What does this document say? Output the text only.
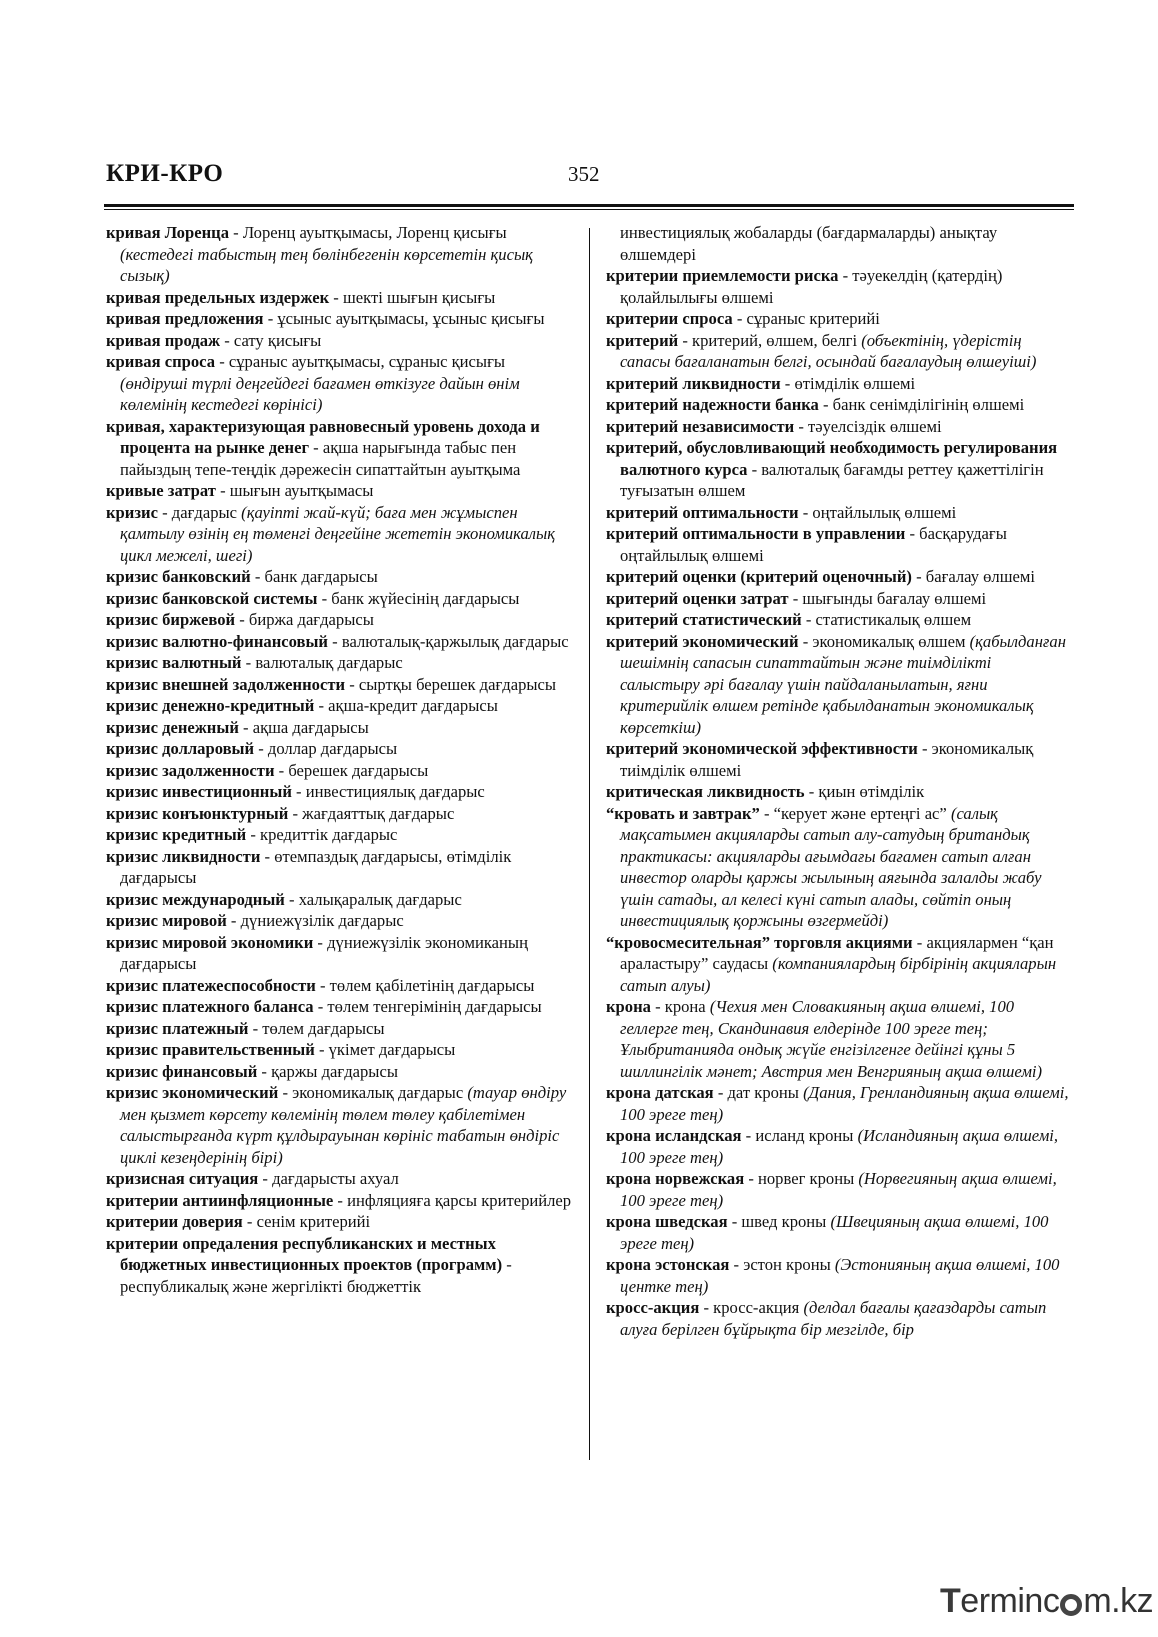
КРИ-КРО	352

кривая Лоренца - Лоренц ауытқымасы, Лоренц қисығы (кестедегі табыстың тең бөлінбегенін көрсететін қисық сызық)

кривая предельных издержек - шекті шығын қисығы

кривая предложения - ұсыныс ауытқымасы, ұсыныс қисығы

кривая продаж - сату қисығы

кривая спроса - сұраныс ауытқымасы, сұраныс қисығы (өндіруші түрлі деңгейдегі бағамен өткізуге дайын өнім көлемінің кестедегі көрінісі)

кривая, характеризующая равновесный уровень дохода и процента на рынке денег - ақша нарығында табыс пен пайыздың тепе-теңдік дәрежесін сипаттайтын ауытқыма

кривые затрат - шығын ауытқымасы

кризис - дағдарыс (қауіпті жай-күй; баға мен жұмыспен қамтылу өзінің ең төменгі деңгейіне жететін экономикалық цикл межелі, шегі)

кризис банковский - банк дағдарысы

кризис банковской системы - банк жүйесінің дағдарысы

кризис биржевой - биржа дағдарысы

кризис валютно-финансовый - валюталық-қаржылық дағдарыс

кризис валютный - валюталық дағдарыс

кризис внешней задолженности - сыртқы берешек дағдарысы

кризис денежно-кредитный - ақша-кредит дағдарысы

кризис денежный - ақша дағдарысы

кризис долларовый - доллар дағдарысы

кризис задолженности - берешек дағдарысы

кризис инвестиционный - инвестициялық дағдарыс

кризис конъюнктурный - жағдаяттық дағдарыс

кризис кредитный - кредиттік дағдарыс

кризис ликвидности - өтемпаздық дағдарысы, өтімділік дағдарысы

кризис международный - халықаралық дағдарыс

кризис мировой - дүниежүзілік дағдарыс

кризис мировой экономики - дүниежүзілік экономиканың дағдарысы

кризис платежеспособности - төлем қабілетінің дағдарысы

кризис платежного баланса - төлем тенгерімінің дағдарысы

кризис платежный - төлем дағдарысы

кризис правительственный - үкімет дағдарысы

кризис финансовый - қаржы дағдарысы

кризис экономический - экономикалық дағдарыс (тауар өндіру мен қызмет көрсету көлемінің төлем төлеу қабілетімен салыстырғанда күрт құлдырауынан көрініс табатын өндіріс циклі кезеңдерінің бірі)

кризисная ситуация - дағдарысты ахуал

критерии антиинфляционные - инфляцияға қарсы критерийлер

критерии доверия - сенім критерийі

критерии опредаления республиканских и местных бюджетных инвестиционных проектов (программ) - республикалық және жергілікті бюджеттік

инвестициялық жобаларды (бағдармаларды) анықтау өлшемдері

критерии приемлемости риска - тәуекелдің (қатердің) қолайлылығы өлшемі

критерии спроса - сұраныс критерийі

критерий - критерий, өлшем, белгі (объектінің, үдерістің сапасы бағаланатын белгі, осындай бағалаудың өлшеуіші)

критерий ликвидности - өтімділік өлшемі

критерий надежности банка - банк сенімділігінің өлшемі

критерий независимости - тәуелсіздік өлшемі

критерий, обусловливающий необходимость регулирования валютного курса - валюталық бағамды реттеу қажеттілігін туғызатын өлшем

критерий оптимальности - оңтайлылық өлшемі

критерий оптимальности в управлении - басқарудағы оңтайлылық өлшемі

критерий оценки (критерий оценочный) - бағалау өлшемі

критерий оценки затрат - шығынды бағалау өлшемі

критерий статистический - статистикалық өлшем

критерий экономический - экономикалық өлшем (қабылданған шешімнің сапасын сипаттайтын және тиімділікті салыстыру әрі бағалау үшін пайдаланылатын, яғни критерийлік өлшем ретінде қабылданатын экономикалық көрсеткіш)

критерий экономической эффективности - экономикалық тиімділік өлшемі

критическая ликвидность - қиын өтімділік

“кровать и завтрак” - “керует және ертеңгі ас” (салық мақсатымен акцияларды сатып алу-сатудың британдық практикасы: акцияларды ағымдағы бағамен сатып алған инвестор оларды қаржы жылының аяғында залалды жабу үшін сатады, ал келесі күні сатып алады, сөйтіп оның инвестициялық қоржыны өзгермейді)

“кровосмесительная” торговля акциями - акциялармен “қан араластыру” саудасы (компаниялардың бірбірінің акцияларын сатып алуы)

крона - крона (Чехия мен Словакияның ақша өлшемі, 100 геллерге тең, Скандинавия елдерінде 100 эреге тең; Ұлыбританияда ондық жүйе енгізілгенге дейінгі құны 5 шиллингілік мәнет; Австрия мен Венгрияның ақша өлшемі)

крона датская - дат кроны (Дания, Гренландияның ақша өлшемі, 100 эреге тең)

крона исландская - исланд кроны (Исландияның ақша өлшемі, 100 эреге тең)

крона норвежская - норвег кроны (Норвегияның ақша өлшемі, 100 эреге тең)

крона шведская - швед кроны (Швецияның ақша өлшемі, 100 эреге тең)

крона эстонская - эстон кроны (Эстонияның ақша өлшемі, 100 центке тең)

кросс-акция - кросс-акция (делдал бағалы қағаздарды сатып алуға берілген бұйрықта бір мезгілде, бір

Terminc m.kz
